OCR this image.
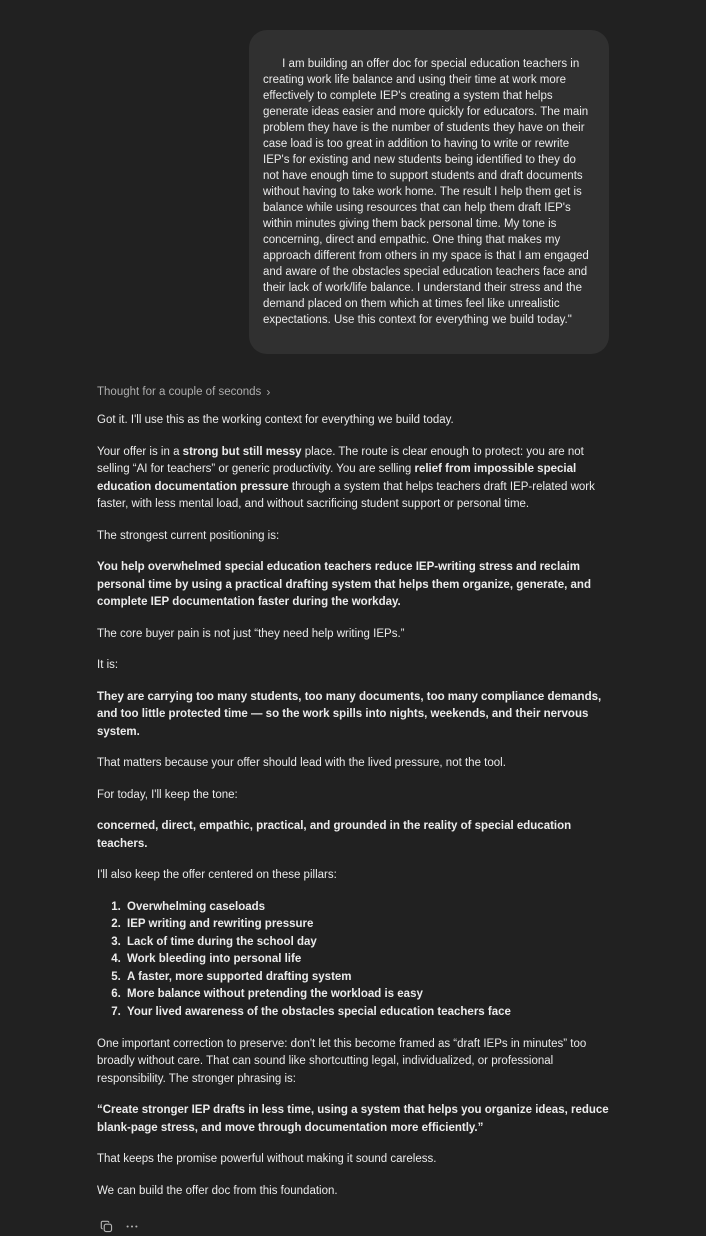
I am building an offer doc for special education teachers in creating work life balance and using their time at work more effectively to complete IEP's creating a system that helps generate ideas easier and more quickly for educators. The main problem they have is the number of students they have on their case load is too great in addition to having to write or rewrite IEP's for existing and new students being identified to they do not have enough time to support students and draft documents without having to take work home. The result I help them get is balance while using resources that can help them draft IEP's within minutes giving them back personal time. My tone is concerning, direct and empathic. One thing that makes my approach different from others in my space is that I am engaged and aware of the obstacles special education teachers face and their lack of work/life balance. I understand their stress and the demand placed on them which at times feel like unrealistic expectations. Use this context for everything we build today."

Thought for a couple of seconds ›

Got it. I'll use this as the working context for everything we build today.

Your offer is in a strong but still messy place. The route is clear enough to protect: you are not selling “AI for teachers” or generic productivity. You are selling relief from impossible special education documentation pressure through a system that helps teachers draft IEP-related work faster, with less mental load, and without sacrificing student support or personal time.

The strongest current positioning is:

You help overwhelmed special education teachers reduce IEP-writing stress and reclaim personal time by using a practical drafting system that helps them organize, generate, and complete IEP documentation faster during the workday.

The core buyer pain is not just “they need help writing IEPs.”

It is:

They are carrying too many students, too many documents, too many compliance demands, and too little protected time — so the work spills into nights, weekends, and their nervous system.

That matters because your offer should lead with the lived pressure, not the tool.

For today, I'll keep the tone:

concerned, direct, empathic, practical, and grounded in the reality of special education teachers.

I'll also keep the offer centered on these pillars:

1. Overwhelming caseloads
2. IEP writing and rewriting pressure
3. Lack of time during the school day
4. Work bleeding into personal life
5. A faster, more supported drafting system
6. More balance without pretending the workload is easy
7. Your lived awareness of the obstacles special education teachers face

One important correction to preserve: don't let this become framed as “draft IEPs in minutes” too broadly without care. That can sound like shortcutting legal, individualized, or professional responsibility. The stronger phrasing is:

“Create stronger IEP drafts in less time, using a system that helps you organize ideas, reduce blank-page stress, and move through documentation more efficiently.”

That keeps the promise powerful without making it sound careless.

We can build the offer doc from this foundation.
